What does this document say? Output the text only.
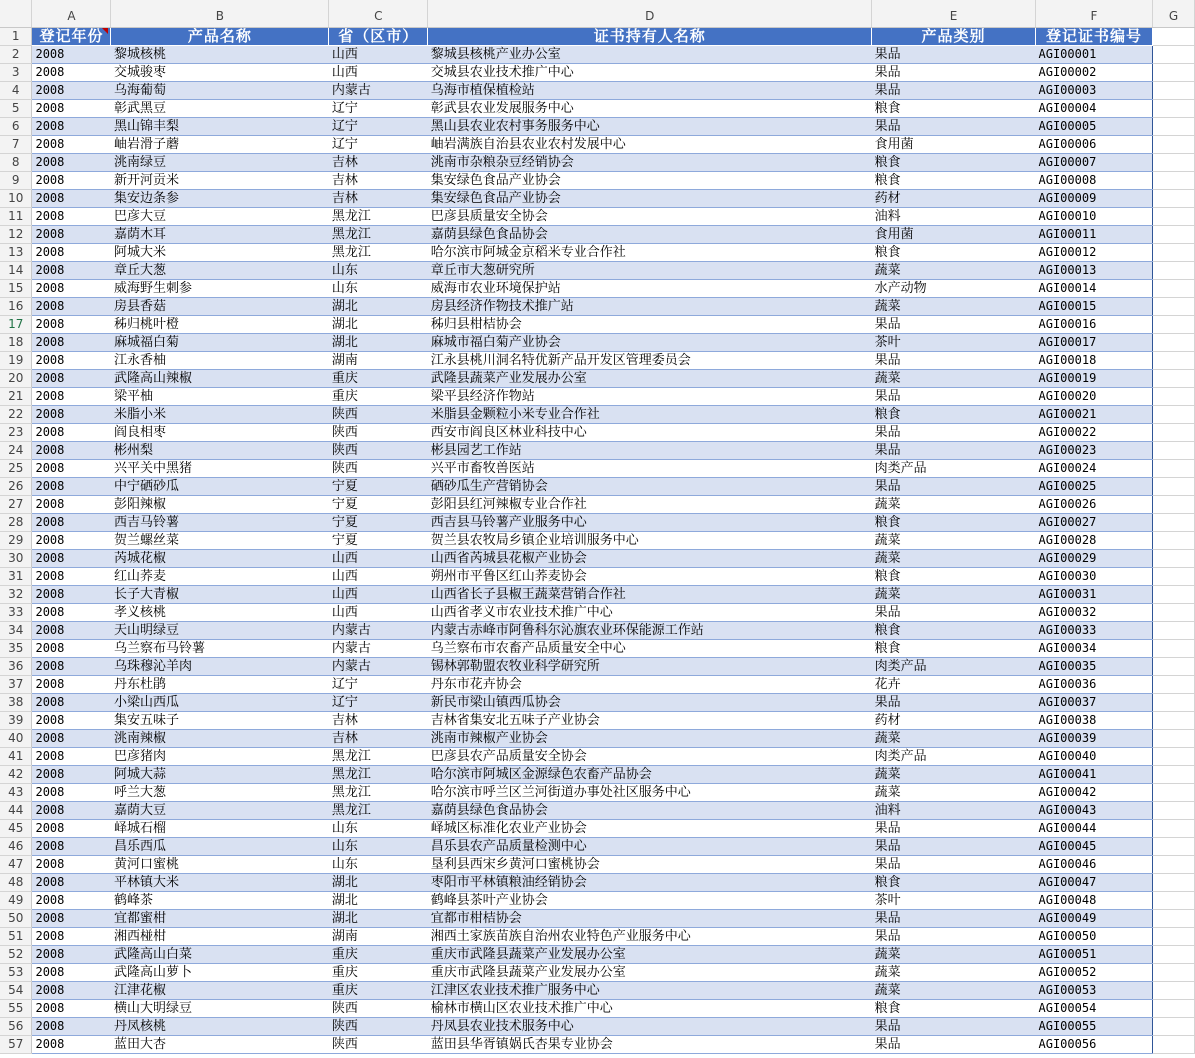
	A	B	C	D	E	F	G
1	登记年份	产品名称	省（区市）	证书持有人名称	产品类别	登记证书编号	
2	2008	黎城核桃	山西	黎城县核桃产业办公室	果品	AGI00001	
3	2008	交城骏枣	山西	交城县农业技术推广中心	果品	AGI00002	
4	2008	乌海葡萄	内蒙古	乌海市植保植检站	果品	AGI00003	
5	2008	彰武黑豆	辽宁	彰武县农业发展服务中心	粮食	AGI00004	
6	2008	黑山锦丰梨	辽宁	黑山县农业农村事务服务中心	果品	AGI00005	
7	2008	岫岩滑子蘑	辽宁	岫岩满族自治县农业农村发展中心	食用菌	AGI00006	
8	2008	洮南绿豆	吉林	洮南市杂粮杂豆经销协会	粮食	AGI00007	
9	2008	新开河贡米	吉林	集安绿色食品产业协会	粮食	AGI00008	
10	2008	集安边条参	吉林	集安绿色食品产业协会	药材	AGI00009	
11	2008	巴彦大豆	黑龙江	巴彦县质量安全协会	油料	AGI00010	
12	2008	嘉荫木耳	黑龙江	嘉荫县绿色食品协会	食用菌	AGI00011	
13	2008	阿城大米	黑龙江	哈尔滨市阿城金京稻米专业合作社	粮食	AGI00012	
14	2008	章丘大葱	山东	章丘市大葱研究所	蔬菜	AGI00013	
15	2008	威海野生刺参	山东	威海市农业环境保护站	水产动物	AGI00014	
16	2008	房县香菇	湖北	房县经济作物技术推广站	蔬菜	AGI00015	
17	2008	秭归桃叶橙	湖北	秭归县柑桔协会	果品	AGI00016	
18	2008	麻城福白菊	湖北	麻城市福白菊产业协会	茶叶	AGI00017	
19	2008	江永香柚	湖南	江永县桃川洞名特优新产品开发区管理委员会	果品	AGI00018	
20	2008	武隆高山辣椒	重庆	武隆县蔬菜产业发展办公室	蔬菜	AGI00019	
21	2008	梁平柚	重庆	梁平县经济作物站	果品	AGI00020	
22	2008	米脂小米	陕西	米脂县金颗粒小米专业合作社	粮食	AGI00021	
23	2008	阎良相枣	陕西	西安市阎良区林业科技中心	果品	AGI00022	
24	2008	彬州梨	陕西	彬县园艺工作站	果品	AGI00023	
25	2008	兴平关中黑猪	陕西	兴平市畜牧兽医站	肉类产品	AGI00024	
26	2008	中宁硒砂瓜	宁夏	硒砂瓜生产营销协会	果品	AGI00025	
27	2008	彭阳辣椒	宁夏	彭阳县红河辣椒专业合作社	蔬菜	AGI00026	
28	2008	西吉马铃薯	宁夏	西吉县马铃薯产业服务中心	粮食	AGI00027	
29	2008	贺兰螺丝菜	宁夏	贺兰县农牧局乡镇企业培训服务中心	蔬菜	AGI00028	
30	2008	芮城花椒	山西	山西省芮城县花椒产业协会	蔬菜	AGI00029	
31	2008	红山荞麦	山西	朔州市平鲁区红山荞麦协会	粮食	AGI00030	
32	2008	长子大青椒	山西	山西省长子县椒王蔬菜营销合作社	蔬菜	AGI00031	
33	2008	孝义核桃	山西	山西省孝义市农业技术推广中心	果品	AGI00032	
34	2008	天山明绿豆	内蒙古	内蒙古赤峰市阿鲁科尔沁旗农业环保能源工作站	粮食	AGI00033	
35	2008	乌兰察布马铃薯	内蒙古	乌兰察布市农畜产品质量安全中心	粮食	AGI00034	
36	2008	乌珠穆沁羊肉	内蒙古	锡林郭勒盟农牧业科学研究所	肉类产品	AGI00035	
37	2008	丹东杜鹃	辽宁	丹东市花卉协会	花卉	AGI00036	
38	2008	小梁山西瓜	辽宁	新民市梁山镇西瓜协会	果品	AGI00037	
39	2008	集安五味子	吉林	吉林省集安北五味子产业协会	药材	AGI00038	
40	2008	洮南辣椒	吉林	洮南市辣椒产业协会	蔬菜	AGI00039	
41	2008	巴彦猪肉	黑龙江	巴彦县农产品质量安全协会	肉类产品	AGI00040	
42	2008	阿城大蒜	黑龙江	哈尔滨市阿城区金源绿色农畜产品协会	蔬菜	AGI00041	
43	2008	呼兰大葱	黑龙江	哈尔滨市呼兰区兰河街道办事处社区服务中心	蔬菜	AGI00042	
44	2008	嘉荫大豆	黑龙江	嘉荫县绿色食品协会	油料	AGI00043	
45	2008	峄城石榴	山东	峄城区标准化农业产业协会	果品	AGI00044	
46	2008	昌乐西瓜	山东	昌乐县农产品质量检测中心	果品	AGI00045	
47	2008	黄河口蜜桃	山东	垦利县西宋乡黄河口蜜桃协会	果品	AGI00046	
48	2008	平林镇大米	湖北	枣阳市平林镇粮油经销协会	粮食	AGI00047	
49	2008	鹤峰茶	湖北	鹤峰县茶叶产业协会	茶叶	AGI00048	
50	2008	宜都蜜柑	湖北	宜都市柑桔协会	果品	AGI00049	
51	2008	湘西椪柑	湖南	湘西土家族苗族自治州农业特色产业服务中心	果品	AGI00050	
52	2008	武隆高山白菜	重庆	重庆市武隆县蔬菜产业发展办公室	蔬菜	AGI00051	
53	2008	武隆高山萝卜	重庆	重庆市武隆县蔬菜产业发展办公室	蔬菜	AGI00052	
54	2008	江津花椒	重庆	江津区农业技术推广服务中心	蔬菜	AGI00053	
55	2008	横山大明绿豆	陕西	榆林市横山区农业技术推广中心	粮食	AGI00054	
56	2008	丹凤核桃	陕西	丹凤县农业技术服务中心	果品	AGI00055	
57	2008	蓝田大杏	陕西	蓝田县华胥镇娲氏杏果专业协会	果品	AGI00056	
